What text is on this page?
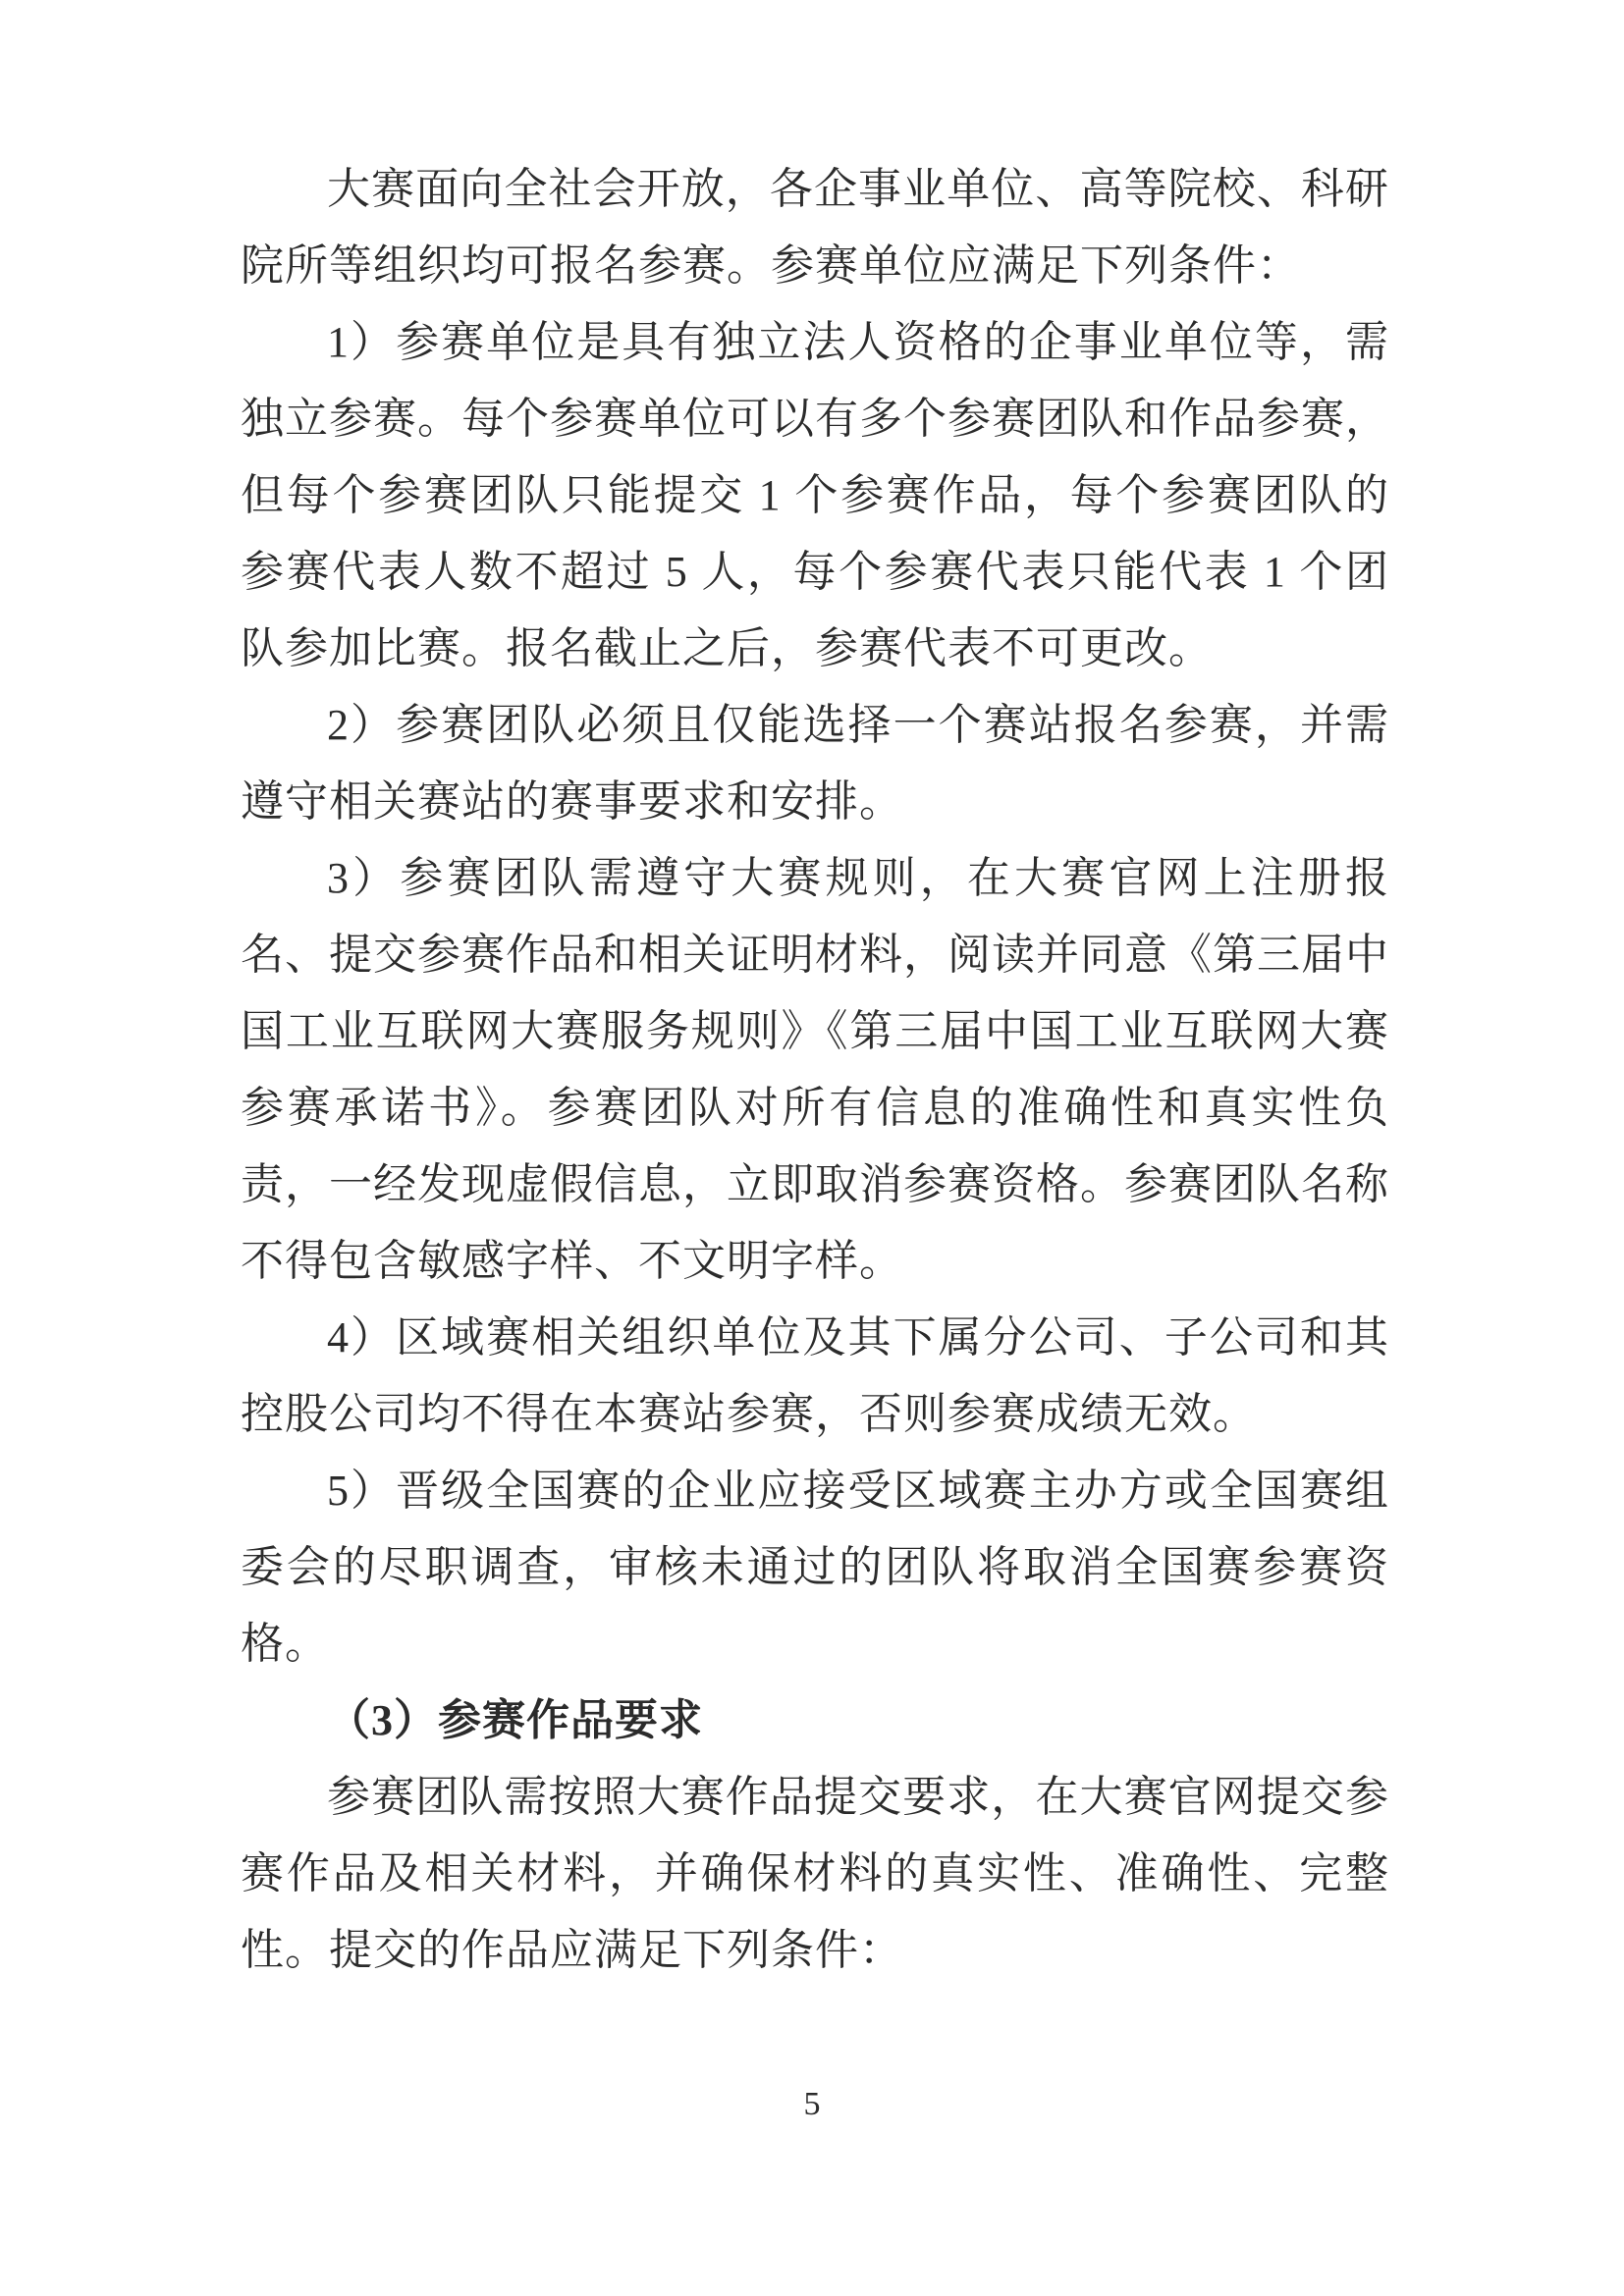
大赛面向全社会开放，各企事业单位、高等院校、科研院所等组织均可报名参赛。参赛单位应满足下列条件：

1）参赛单位是具有独立法人资格的企事业单位等，需独立参赛。每个参赛单位可以有多个参赛团队和作品参赛，但每个参赛团队只能提交 1 个参赛作品，每个参赛团队的参赛代表人数不超过 5 人，每个参赛代表只能代表 1 个团队参加比赛。报名截止之后，参赛代表不可更改。

2）参赛团队必须且仅能选择一个赛站报名参赛，并需遵守相关赛站的赛事要求和安排。

3）参赛团队需遵守大赛规则，在大赛官网上注册报名、提交参赛作品和相关证明材料，阅读并同意《第三届中国工业互联网大赛服务规则》《第三届中国工业互联网大赛参赛承诺书》。参赛团队对所有信息的准确性和真实性负责，一经发现虚假信息，立即取消参赛资格。参赛团队名称不得包含敏感字样、不文明字样。

4）区域赛相关组织单位及其下属分公司、子公司和其控股公司均不得在本赛站参赛，否则参赛成绩无效。

5）晋级全国赛的企业应接受区域赛主办方或全国赛组委会的尽职调查，审核未通过的团队将取消全国赛参赛资格。

（3）参赛作品要求

参赛团队需按照大赛作品提交要求，在大赛官网提交参赛作品及相关材料，并确保材料的真实性、准确性、完整性。提交的作品应满足下列条件：

5
